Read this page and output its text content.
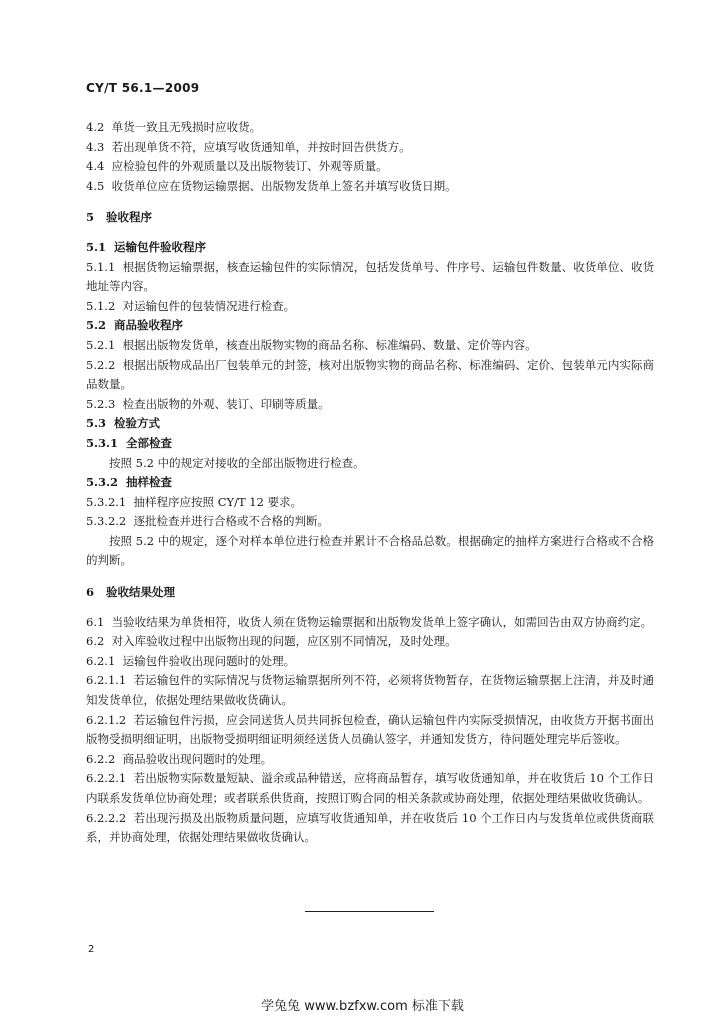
CY/T 56.1—2009

4.2 单货一致且无残损时应收货。

4.3 若出现单货不符，应填写收货通知单，并按时回告供货方。

4.4 应检验包件的外观质量以及出版物装订、外观等质量。

4.5 收货单位应在货物运输票据、出版物发货单上签名并填写收货日期。

5 验收程序

5.1 运输包件验收程序

5.1.1 根据货物运输票据，核查运输包件的实际情况，包括发货单号、件序号、运输包件数量、收货单位、收货地址等内容。

5.1.2 对运输包件的包装情况进行检查。

5.2 商品验收程序

5.2.1 根据出版物发货单，核查出版物实物的商品名称、标准编码、数量、定价等内容。

5.2.2 根据出版物成品出厂包装单元的封签，核对出版物实物的商品名称、标准编码、定价、包装单元内实际商品数量。

5.2.3 检查出版物的外观、装订、印刷等质量。

5.3 检验方式

5.3.1 全部检查

按照 5.2 中的规定对接收的全部出版物进行检查。

5.3.2 抽样检查

5.3.2.1 抽样程序应按照 CY/T 12 要求。

5.3.2.2 逐批检查并进行合格或不合格的判断。

按照 5.2 中的规定，逐个对样本单位进行检查并累计不合格品总数。根据确定的抽样方案进行合格或不合格的判断。

6 验收结果处理

6.1 当验收结果为单货相符，收货人须在货物运输票据和出版物发货单上签字确认，如需回告由双方协商约定。

6.2 对入库验收过程中出版物出现的问题，应区别不同情况，及时处理。

6.2.1 运输包件验收出现问题时的处理。

6.2.1.1 若运输包件的实际情况与货物运输票据所列不符，必须将货物暂存，在货物运输票据上注清，并及时通知发货单位，依据处理结果做收货确认。

6.2.1.2 若运输包件污损，应会同送货人员共同拆包检查，确认运输包件内实际受损情况，由收货方开据书面出版物受损明细证明，出版物受损明细证明须经送货人员确认签字，并通知发货方，待问题处理完毕后签收。

6.2.2 商品验收出现问题时的处理。

6.2.2.1 若出版物实际数量短缺、溢余或品种错送，应将商品暂存，填写收货通知单，并在收货后 10 个工作日内联系发货单位协商处理；或者联系供货商，按照订购合同的相关条款或协商处理，依据处理结果做收货确认。

6.2.2.2 若出现污损及出版物质量问题，应填写收货通知单，并在收货后 10 个工作日内与发货单位或供货商联系，并协商处理，依据处理结果做收货确认。

2
学兔兔 www.bzfxw.com 标准下载
